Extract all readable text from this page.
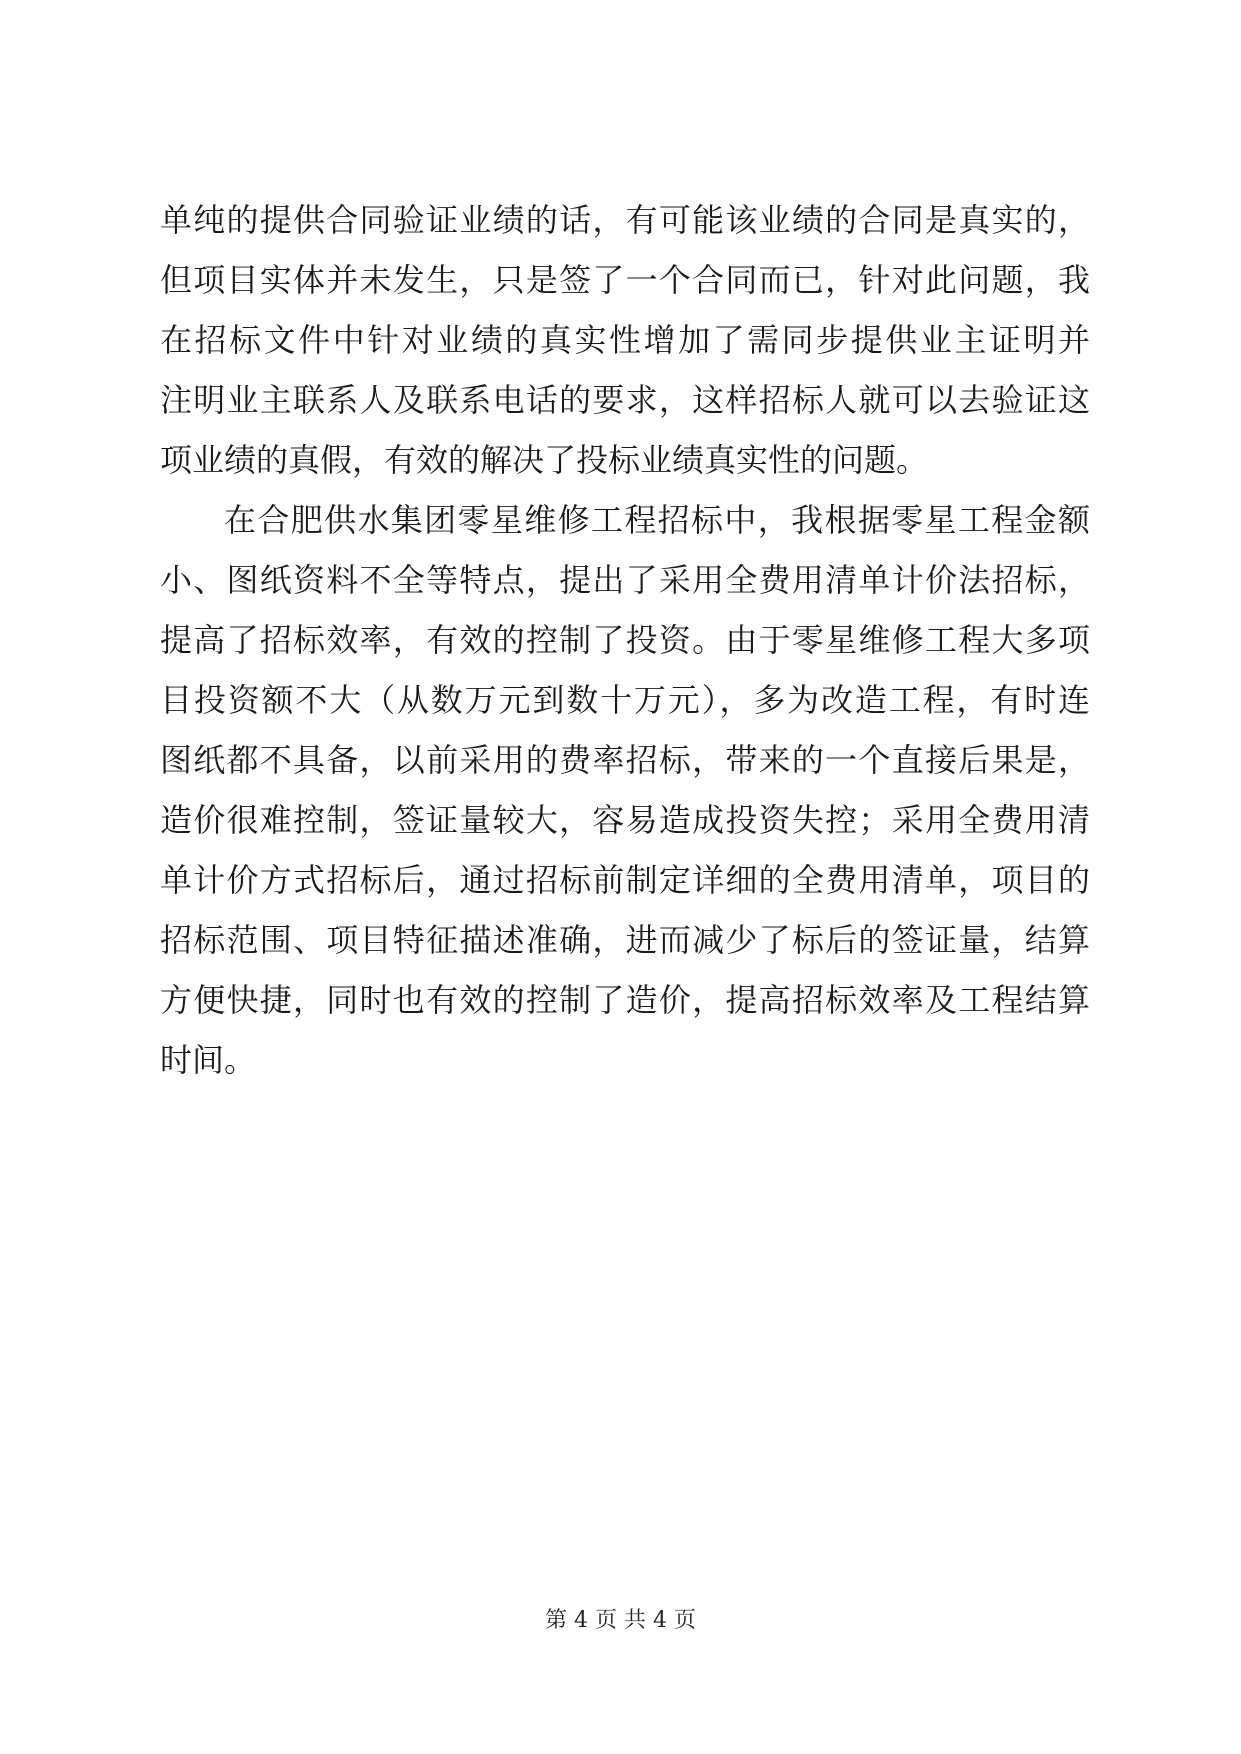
单纯的提供合同验证业绩的话，有可能该业绩的合同是真实的，
但项目实体并未发生，只是签了一个合同而已，针对此问题，我
在招标文件中针对业绩的真实性增加了需同步提供业主证明并
注明业主联系人及联系电话的要求，这样招标人就可以去验证这
项业绩的真假，有效的解决了投标业绩真实性的问题。
在合肥供水集团零星维修工程招标中，我根据零星工程金额
小、图纸资料不全等特点，提出了采用全费用清单计价法招标，
提高了招标效率，有效的控制了投资。由于零星维修工程大多项
目投资额不大（从数万元到数十万元），多为改造工程，有时连
图纸都不具备，以前采用的费率招标，带来的一个直接后果是，
造价很难控制，签证量较大，容易造成投资失控；采用全费用清
单计价方式招标后，通过招标前制定详细的全费用清单，项目的
招标范围、项目特征描述准确，进而减少了标后的签证量，结算
方便快捷，同时也有效的控制了造价，提高招标效率及工程结算
时间。
第 4 页 共 4 页
